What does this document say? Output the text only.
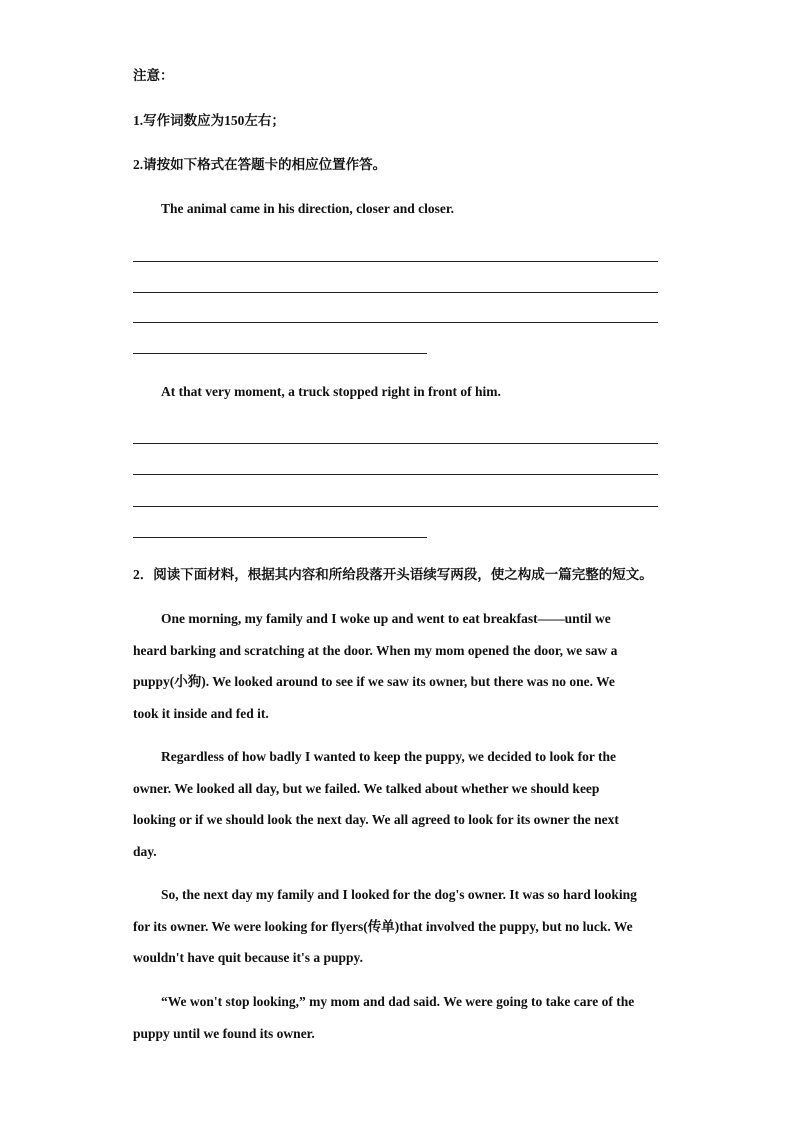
注意：
1.写作词数应为150左右；
2.请按如下格式在答题卡的相应位置作答。
The animal came in his direction, closer and closer.
At that very moment, a truck stopped right in front of him.
2．阅读下面材料，根据其内容和所给段落开头语续写两段，使之构成一篇完整的短文。
One morning, my family and I woke up and went to eat breakfast——until we
heard barking and scratching at the door. When my mom opened the door, we saw a
puppy(小狗). We looked around to see if we saw its owner, but there was no one. We
took it inside and fed it.
Regardless of how badly I wanted to keep the puppy, we decided to look for the
owner. We looked all day, but we failed. We talked about whether we should keep
looking or if we should look the next day. We all agreed to look for its owner the next
day.
So, the next day my family and I looked for the dog's owner. It was so hard looking
for its owner. We were looking for flyers(传单)that involved the puppy, but no luck. We
wouldn't have quit because it's a puppy.
“We won't stop looking,” my mom and dad said. We were going to take care of the
puppy until we found its owner.
